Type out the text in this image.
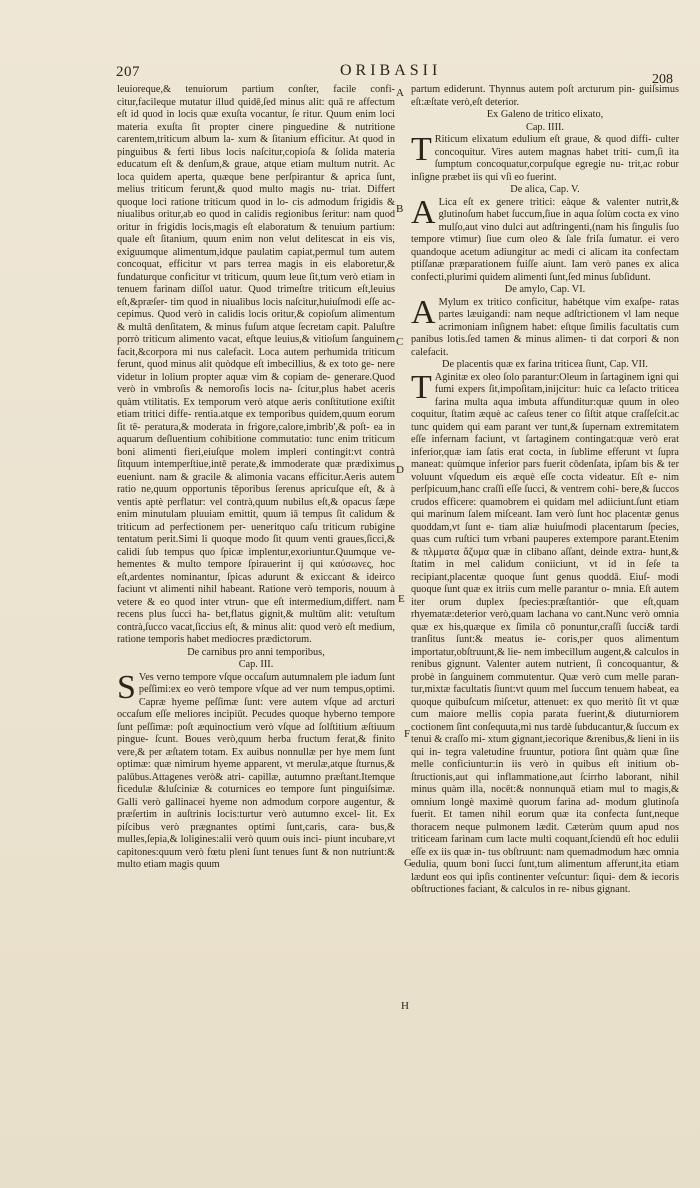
207	ORIBASII
208
A
B
C
D
E
F
G
H

leuioreque,& tenuiorum partium conſter, facile confi- citur,facileque mutatur illud quidē,ſed minus alit: quā re affectum eſt id quod in locis quæ exuſta vocantur, ſe ritur. Quum enim loci materia exuſta ſit propter cinere pinguedine & nutritione carentem,triticum album la- xum & ſitanium efficitur. At quod in pinguibus & ferti libus locis naſcitur,copioſa & ſolida materia educatum eſt & denſum,& graue, atque etiam multum nutrit. Ac loca quidem aperta, quæque bene perſpirantur & aprica ſunt, melius triticum ferunt,& quod multo magis nu- triat. Differt quoque loci ratione triticum quod in lo- cis admodum frigidis & niualibus oritur,ab eo quod in calidis regionibus ſeritur: nam quod oritur in frigidis locis,magis eſt elaboratum & tenuium partium: quale eſt ſitanium, quum enim non velut delitescat in eis vis, exiguumque alimentum,idque paulatim capiat,permul tum autem concoquat, efficitur vt pars terrea magis in eis elaboretur,& fundaturque conficitur vt triticum, quum leue ſit,tum verò etiam in tenuem farinam diſſol uatur. Quod trimeſtre triticum eſt,leuius eſt,&præſer- tim quod in niualibus locis naſcitur,huiuſmodi eſſe ac- cepimus. Quod verò in calidis locis oritur,& copioſum alimentum & multâ denſitatem, & minus fuſum atque ſecretam capit. Paluſtre porrò triticum alimento vacat, eſtque leuius,& vitioſum ſanguinem facit,&corpora mi nus calefacit. Loca autem perhumida triticum ferunt, quod minus alit quòdque eſt imbecillius, & ex toto ge- nere videtur in lolium propter aquæ vim & copiam de- generare.Quod verò in vmbroſis & nemoroſis locis na- ſcitur,plus habet aceris quàm vtilitatis. Ex temporum verò atque aeris conſtitutione exiſtit etiam tritici diffe- rentia.atque ex temporibus quidem,quum eorum ſit tē- peratura,& moderata in frigore,calore,imbrib',& poſt- ea in aquarum deſluentium cohibitione commutatio: tunc enim triticum boni alimenti fieri,eiuſque molem impleri contingit:vt contrà ſitquum intemperſtiue,intē perate,& immoderate quæ prædiximus eueniunt. nam & gracile & alimonia vacans efficitur.Aeris autem ratio ne,quum opportunis tēporibus ſerenus apricuſque eſt, & à ventis aptè perflatur: vel contrà,quum nubilus eſt,& opacus ſæpe enim minutulam pluuiam emittit, quum iā tempus ſit calidum & triticum ad perfectionem per- ueneritquo caſu triticum rubigine tentatum perit.Simi li quoque modo ſit quum venti graues,ſicci,& calidi ſub tempus quo ſpicæ implentur,exoriuntur.Quumque ve- hementes & multo tempore ſpirauerint ij qui καύσωνες, hoc eſt,ardentes nominantur, ſpicas adurunt & exiccant & ideirco faciunt vt alimenti nihil habeant. Ratione verò temporis, nouum à vetere & eo quod inter vtrun- que eſt intermedium,differt. nam recens plus ſucci ha- bet,flatus gignit,& multūm alit: vetuſtum contrà,ſucco vacat,ſiccius eſt, & minus alit: quod verò eſt medium, ratione temporis habet mediocres prædictorum.

De carnibus pro anni temporibus,

Cap. III.

S Ves verno tempore vſque occaſum autumnalem ple iadum ſunt peſſimi:ex eo verò tempore vſque ad ver num tempus,optimi. Capræ hyeme peſſimæ ſunt: vere autem vſque ad arcturi occaſum eſſe meliores incipiūt. Pecudes quoque hyberno tempore ſunt peſſimæ: poſt æquinoctium verò vſque ad ſolſtitium æſtiuum pingue- ſcunt. Boues verò,quum herba fructum ferat,& finito vere,& per æſtatem totam. Ex auibus nonnullæ per hye mem ſunt optimæ: quæ nimirum hyeme apparent, vt merulæ,atque ſturnus,& palūbus.Attagenes verò& atri- capillæ, autumno præſtant.Itemque ficedulæ &luſciniæ & coturnices eo tempore ſunt pinguiſsimæ. Galli verò gallinaceí hyeme non admodum corpore augentur, & præſertim in auſtrinis locis:turtur verò autumno excel- lit. Ex piſcibus verò prægnantes optimi ſunt,caris, cara- bus,& mulles,ſepia,& loligines:alii verò quum ouis inci- piunt incubare,vt capitones:quum verò fœtu pleni ſunt tenues ſunt & non nutriunt:& multo etiam magis quum

partum ediderunt. Thynnus autem poſt arcturum pin- guiſsimus eſt:æſtate verò,eſt deterior.

Ex Galeno de tritico elixato,

Cap. IIII.

T Riticum elixatum edulium eſt graue, & quod diffi- culter concoquitur. Vires autem magnas habet triti- cum,ſi ita ſumptum concoquatur,corpuſque egregie nu- trit,ac robur inſigne præbet iis qui vſi eo fuerint.

De alica, Cap. V.

A Lica eſt ex genere tritici: eàque & valenter nutrit,& glutinoſum habet ſuccum,ſiue in aqua ſolùm cocta ex vino mulſo,aut vino dulci aut adſtringenti,(nam his ſingulis ſuo tempore vtimur) ſiue cum oleo & ſale friſa ſumatur. ei vero quandoque acetum adiungitur ac medi ci alicam ita confectam ptiſſanæ præparationem fuiſſe aiunt. Iam verò panes ex alica confecti,plurimi quidem alimenti ſunt,ſed minus ſubſidunt.

De amylo, Cap. VI.

A Mylum ex tritico conficitur, habétque vim exaſpe- ratas partes læuigandi: nam neque adſtrictionem vl lam neque acrimoniam inſignem habet: eſtque ſimilis facultatis cum panibus lotis.ſed tamen & minus alimen- ti dat corpori & non calefacit.

De placentis quæ ex farina triticea ſiunt, Cap. VII.

T Aginitæ ex oleo ſolo parantur:Oleum in ſartaginem igni qui fumi expers ſit,impoſitam,inijcitur: huic ca leſacto triticea farina multa aqua imbuta affunditur:quæ quum in oleo coquitur, ſtatim æquè ac caſeus tener co ſiſtit atque craſſeſcit.ac tunc quidem qui eam parant ver tunt,& ſupernam extremitatem eſſe infernam faciunt, vt ſartaginem contingat:quæ verò erat inferior,quæ iam ſatis erat cocta, in ſublime efferunt vt ſupra maneat: quùmque inferior pars fuerit cōdenſata, ipſam bis & ter voluunt vſquedum eis æquè eſſe cocta videatur. Eſt e- nim perſpicuum,hanc craſſi eſſe ſucci, & ventrem cohi- bere,& ſuccos crudos efficere: quamobrem ei quidam mel adiiciunt.ſunt etiam qui marinum ſalem miſceant. Iam verò ſunt hoc placentæ genus quoddam,vt ſunt e- tiam aliæ huiuſmodi placentarum ſpecies, quas cum ruſtici tum vrbani pauperes extempore parant.Etenim & πλμματα ἄζυμα quæ in clibano aſſant, deinde extra- hunt,& ſtatim in mel calidum coniiciunt, vt id in ſeſe ta recipiant,placentæ quoque ſunt genus quoddā. Eiuſ- modi quoque ſunt quæ ex itriis cum melle parantur o- mnia. Eſt autem iter orum duplex ſpecies:præſtantiór- que eſt,quam rhyematæ:deterior verò,quam lachana vo cant.Nunc verò omnia quæ ex his,quæque ex ſimila cō ponuntur,craſſi ſucci& tardi tranſitus ſunt:& meatus ie- coris,per quos alimentum importatur,obſtruunt,& lie- nem imbecillum augent,& calculos in renibus gignunt. Valenter autem nutrient, ſi concoquantur, & probè in ſanguinem commutentur. Quæ verò cum melle paran- tur,mixtæ facultatis ſiunt:vt quum mel ſuccum tenuem habeat, ea quoque quibuſcum miſcetur, attenuet: ex quo meritò ſit vt quæ cum maiore mellis copia parata fuerint,& diuturniorem coctionem ſint conſequuta,mi nus tardè ſubducantur,& ſuccum ex tenui & craſſo mi- xtum gignant,iecorique &renibus,& lieni in iis qui in- tegra valetudine fruuntur, potiora ſint quàm quæ ſine melle conficiuntur:in iis verò in quibus eſt initium ob- ſtructionis,aut qui inflammatione,aut ſcirrho laborant, nihil minus quàm illa, nocēt:& nonnunquā etiam mul to magis,& omnium longè maximè quorum farina ad- modum glutinoſa fuerit. Et tamen nihil eorum quæ ita confecta ſunt,neque thoracem neque pulmonem lædit. Cæterùm quum apud nos triticeam farinam cum lacte multi coquant,ſciendū eſt hoc edulii eſſe ex iis quæ in- tus obſtruunt: nam quemadmodum hæc omnia edulia, quum boni ſucci ſunt,tum alimentum afferunt,ita etiam lædunt eos qui ipſis continenter veſcuntur: ſiqui- dem & iecoris obſtructiones faciant, & calculos in re- nibus gignant.
